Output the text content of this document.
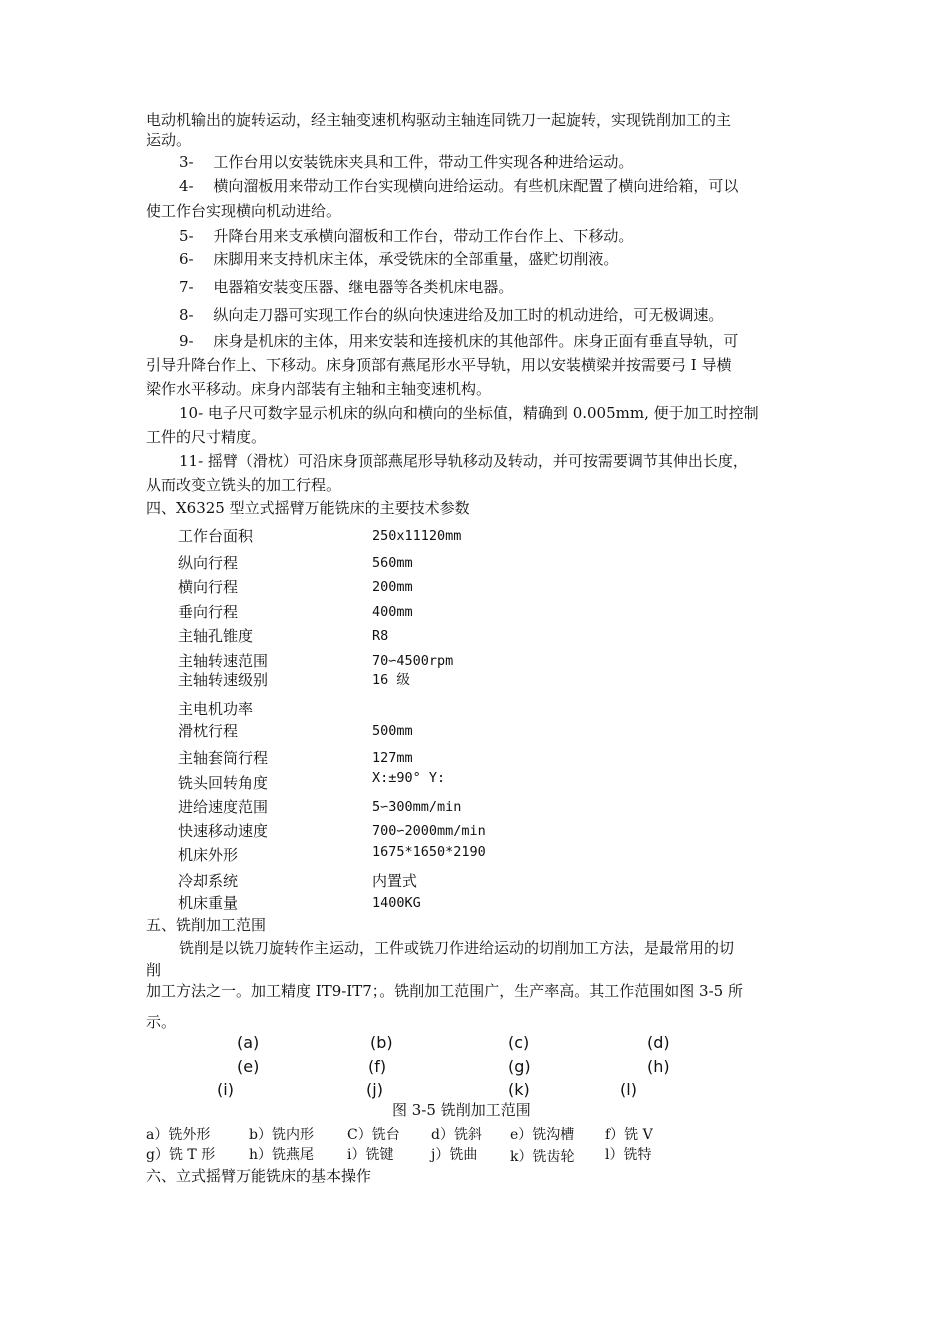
电动机输出的旋转运动，经主轴变速机构驱动主轴连同铣刀一起旋转，实现铣削加工的主
运动。
3-　 工作台用以安装铣床夹具和工件，带动工件实现各种进给运动。
4-　 横向溜板用来带动工作台实现横向进给运动。有些机床配置了横向进给箱，可以
使工作台实现横向机动进给。
5-　 升降台用来支承横向溜板和工作台，带动工作台作上、下移动。
6-　 床脚用来支持机床主体，承受铣床的全部重量，盛贮切削液。
7-　 电器箱安装变压器、继电器等各类机床电器。
8-　 纵向走刀器可实现工作台的纵向快速进给及加工时的机动进给，可无极调速。
9-　 床身是机床的主体，用来安装和连接机床的其他部件。床身正面有垂直导轨，可
引导升降台作上、下移动。床身顶部有燕尾形水平导轨，用以安装横梁并按需要弓 I 导横
梁作水平移动。床身内部装有主轴和主轴变速机构。
10- 电子尺可数字显示机床的纵向和横向的坐标值，精确到 0.005mm, 便于加工时控制
工件的尺寸精度。
11- 摇臂（滑枕）可沿床身顶部燕尾形导轨移动及转动，并可按需要调节其伸出长度，
从而改变立铣头的加工行程。
四、X6325 型立式摇臂万能铣床的主要技术参数
工作台面积	250x11120mm
纵向行程	560mm
横向行程	200mm
垂向行程	400mm
主轴孔锥度	R8
主轴转速范围	70∽4500rpm
主轴转速级别	16 级
主电机功率
滑枕行程	500mm
主轴套筒行程	127mm
铣头回转角度	X:±90° Y:
进给速度范围	5∽300mm/min
快速移动速度	700∽2000mm/min
机床外形	1675*1650*2190
冷却系统	内置式
机床重量	1400KG
五、铣削加工范围
铣削是以铣刀旋转作主运动，工件或铣刀作进给运动的切削加工方法，是最常用的切
削
加工方法之一。加工精度 IT9-IT7；。铣削加工范围广，生产率高。其工作范围如图 3-5 所
示。
(a)	(b)	(c)	(d)
(e)	(f)	(g)	(h)
(i)	(j)	(k)	(l)
图 3-5 铣削加工范围
a）铣外形	b）铣内形 C）铣台 d）铣斜 e）铣沟槽 f）铣 V
g）铣 T 形 h）铣燕尾 i）铣键	j）铣曲 k）铣齿轮 l）铣特
六、立式摇臂万能铣床的基本操作
